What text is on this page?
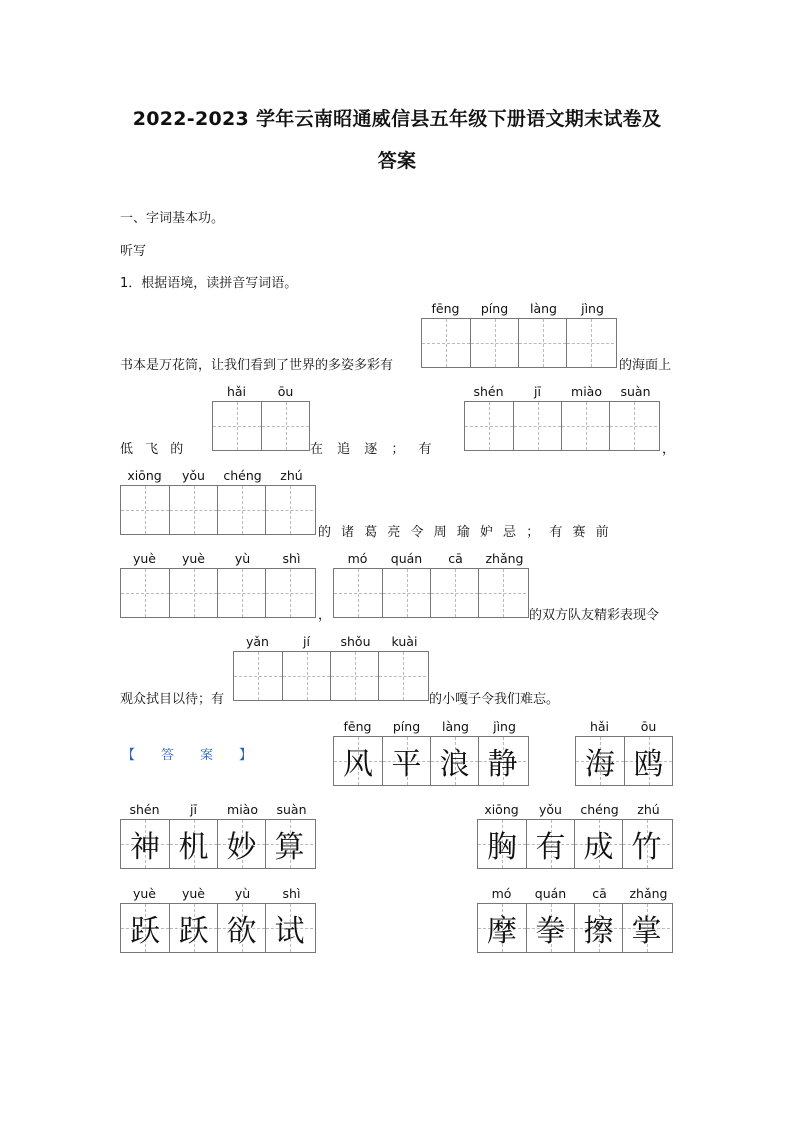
2022-2023 学年云南昭通威信县五年级下册语文期末试卷及
答案
一、字词基本功。
听写
1．根据语境，读拼音写词语。
fēng	píng	làng	jìng
书本是万花筒，让我们看到了世界的多姿多彩有	的海面上
hǎi	ōu	shén	jī	miào	suàn
低 飞 的	在 追 逐 ； 有	，
xiōng	yǒu	chéng	zhú
的 诸 葛 亮 令 周 瑜 妒 忌 ； 有 赛 前
yuè	yuè	yù	shì
，
mó	quán	cā	zhǎng
的双方队友精彩表现令
yǎn	jí	shǒu	kuài
观众拭目以待；有	的小嘎子令我们难忘。
【　　答　　案　　】
fēng	píng	làng	jìng
风 平 浪 静
hǎi	ōu
海 鸥
shén	jī	miào	suàn
神 机 妙 算
xiōng	yǒu	chéng	zhú
胸 有 成 竹
yuè	yuè	yù	shì
跃 跃 欲 试
mó	quán	cā	zhǎng
摩 拳 擦 掌
